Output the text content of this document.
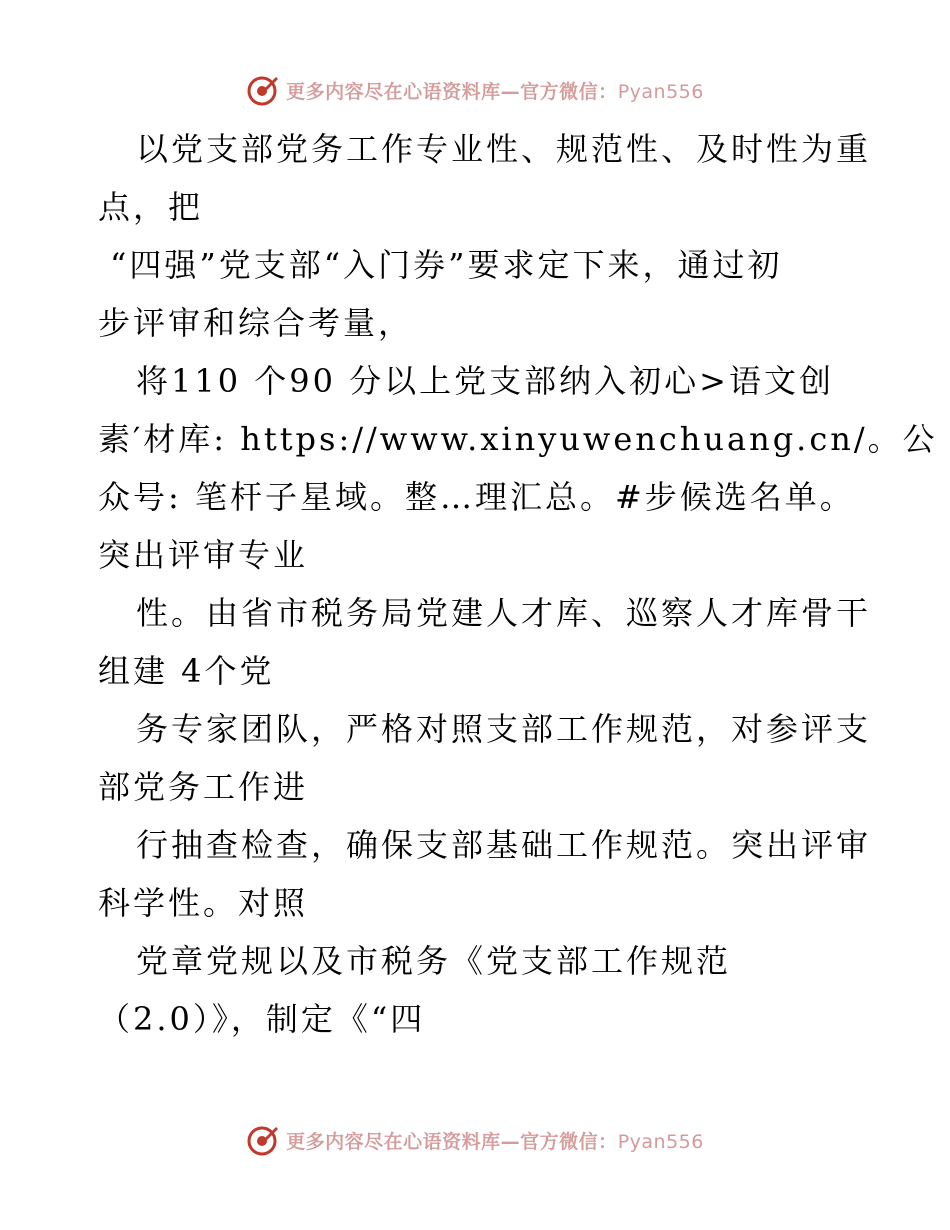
更多内容尽在心语资料库—官方微信：Pyan556
以党支部党务工作专业性、规范性、及时性为重
点，把
“四强”党支部“入门券”要求定下来，通过初
步评审和综合考量，
将110 个90 分以上党支部纳入初心>语文创
素′材库: https://www.xinyuwenchuang.cn/。公
众号: 笔杆子星域。整…理汇总。#步候选名单。
突出评审专业
性。由省市税务局党建人才库、巡察人才库骨干
组建 4个党
务专家团队，严格对照支部工作规范，对参评支
部党务工作进
行抽查检查，确保支部基础工作规范。突出评审
科学性。对照
党章党规以及市税务《党支部工作规范
（2.0）》，制定《“四
更多内容尽在心语资料库—官方微信：Pyan556
